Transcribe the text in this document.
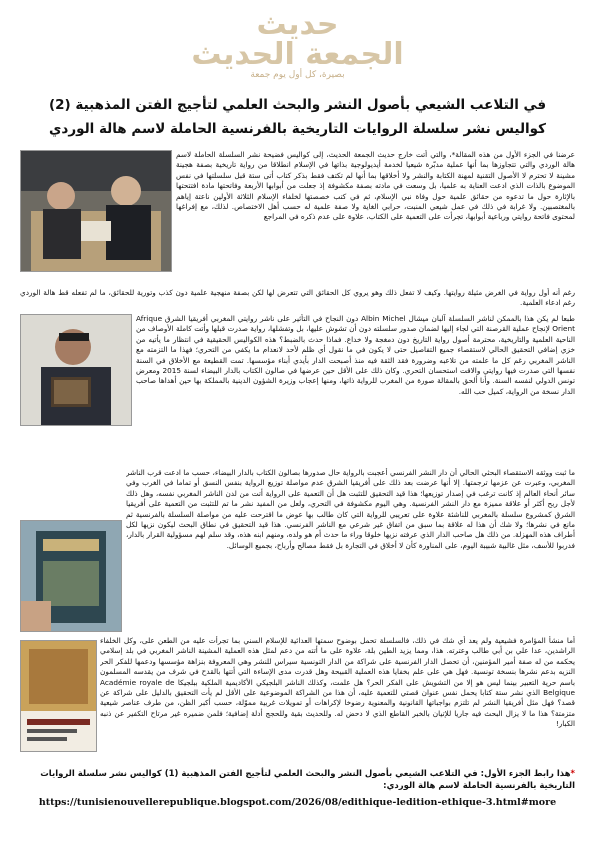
حديث
الجمعة الحديث
بصيرة، كل أول يوم جمعة
في التلاعب الشيعي بأصول النشر والبحث العلمي لتأجيج الفتن المذهبية (2)
كواليس نشر سلسلة الروايات التاريخية بالفرنسية الحاملة لاسم هالة الوردي
عرضنا في الجزء الأول من هذه المقالة*، والتي أتت خارج حديث الجمعة الحديث، إلى كواليس فضيحة نشر السلسلة الحاملة لاسم هالة الوردي والتي تتجاوزها بما أنها عملية مدبّرة شيعيا لخدمة أيديولوجية بذاتها في الإسلام انطلاقا من رواية تاريخية بصفة هجينة مشينة لا تحترم لا الأصول التقنية لمهنة الكتابة والنشر ولا أخلاقها بما أنها لم تكتف فقط بذكر كتاب أتى ستة قبل سلسلتها في نفس الموضوع بالذات الذي ادعت العناية به علميا، بل وسعت في مادته بصفة مكشوفة إذ جعلت من أبوابها الأربعة وفاتحتها مادة افتتحتها بالإثارة حول ما تدعوه من حقائق علمية حول وفاة نبي الإسلام، ثم في كتب خصصتها لخلفاء الإسلام الثلاثة الأولين ناعتة إياهم بالمغتصبين. ولا غرابة في ذلك في عمل شيعي المنبت، حرابي الغاية ولا صفة علمية له حسب أهل الاختصاص. لذلك، مع إفراغها لمحتوى فاتحة روايتي ورباعية أبوابها، تجرأت على التعمية على الكتاب، علاوة على عدم ذكره في المراجع
رغم أنه أول رواية في الغرض مثيلة روايتها. وكيف لا تفعل ذلك وهو يروي كل الحقائق التي تتعرض لها لكن بصفة منهجية علمية دون كذب وتورية للحقائق، ما لم تفعله قط هالة الوردي رغم ادعاء العلمية.
طبعا لم يكن هذا بالممكن لناشر السلسلة آلبان ميشال Albin Michel دون النجاح في التأثير على ناشر روايتي المغربي أفريقيا الشرق Afrique Orient لإنجاح عملية القرصنة التي لجاء إليها لضمان صدور سلسلته دون أن تشوش عليها، بل وتفشلها، رواية صدرت قبلها وأتت كاملة الأوصاف من الناحية العلمية والتاريخية، محترمة أصول رواية التاريخ دون دمغجة ولا خداع. فماذا حدث بالضبط؟ هذه الكواليس الحقيقية في انتظار ما يأتيه من خزي إضافي التحقيق الحالي لاستقصاء جميع التفاصيل حتى لا يكون في ما نقول أي ظلم لأحد لانعدام ما يكفي من التحري؛ فهذا ما التزمته مع الناشر المغربي رغم كل ما علمته من تلاعبه وضرورة فقد الثقة فيه منذ أصبحت الدار بأيدي أبناء مؤسسها. تمت القطيعة مع الأخلاق في السنة نفسها التي صدرت فيها روايتي والاقت استحسان التحري. وكان ذلك على الأقل حين عرضها في صالون الكتاب بالدار البيضاء لسنة 2015 ومعرض تونس الدولي لنفسه السنة. وأنا ألحق بالمقالة صورة من المغرب للرواية ذاتها، ومنها إعجاب وزيرة الشؤون الدينية بالمملكة بها حين أهداها صاحب الدار نسخة من الرواية، كميل حب الله.
ما ثبت ووثقه الاستقصاء البحثي الحالي أن دار النشر الفرنسي أعجبت بالرواية حال صدورها بصالون الكتاب بالدار البيضاء، حسب ما ادعت قرب الناشر المغربي، وعبرت عن عزمها ترجمتها. إلا أنها عرضت بعد ذلك على أفريقيا الشرق عدم مواصلة توزيع الرواية بنفس النسق أو تماما في الغرب وفي سائر أنحاء العالم إذ كانت ترغب في إصدار توزيعها؛ هذا قيد التحقيق للتثبت هل أن التعمية على الرواية أتت من لدن الناشر المغربي نفسه، وهل ذلك لأجل ربح أكثر أو علاقة مميزة مع دار النشر الفرنسية. وهي اليوم مكشوفة في التحري، ولعل من المفيد نشر ما تم للتثبت من التعمية على أفريقيا الشرق كمشروع سلسلة بالمغربي للناشئة علاوة على تعريبي للرواية التي كان طالب بها عوض ما اقترحت عليه من مواصلة السلسلة بالفرنسية ثم مانع في نشرها؛ ولا شك أن هذا له علاقة بما سبق من اتفاق غير شرعي مع الناشر الفرنسي. هذا قيد التحقيق في نطاق البحث ليكون نزيها لكل أطراف هذه المهزلة. من ذلك هل صاحب الدار الذي عرفته نزيها خلوقا وراء ما حدث أم هو ولده، ومنهم ابنه هذه، وقد سلم لهم مسؤولية القرار بالدار، فدربوا للأسف، مثل غالبية شبيبة اليوم، على المناورة كأن لا أخلاق في التجارة بل فقط مصالح وأرباح، بجميع الوسائل.
أما منشأ المؤامرة فشيعية ولم يعد أي شك في ذلك، فالسلسلة تحمل بوضوح سمتها العدائية للإسلام السني بما تجرأت عليه من الطعن على، وكل الخلفاء الراشدين، عدا علي بن أبي طالب وعترته. هذا، ومما يزيد الطين بلة، علاوة على ما أتته من دعم لمثل هذه العملية المشينة الناشر المغربي في بلد إسلامي يحكمه من له صفة أمير المؤمنين، أن تحصل الدار الفرنسية على شراكة من الدار التونسية سيراس للنشر وهي المعروفة بنزاهة مؤسسها ودعمها للفكر الحر النزيه بدعم نشرها بنسخة تونسية. فهل هي على علم بخفايا هذه العملية القبيحة وهل قدرت مدى الإساءة التي أتتها بالقدح في شرف من يقدسه المسلمون باسم حرية التعبير بينما ليس هو إلا من التشويش على الفكر الحر؟ هل علمت، وكذلك الناشر البلجيكي الأكاديمية الملكية ببلجيكا Académie royale de Belgique الذي نشر ستة كتابا يحمل نفس عنوان قصتي للتعمية عليه، أن هذا من الشراكة الموضوعية على الأقل لم يأت التحقيق بالدليل على شراكة عن قصد؟ فهل مثل أفريقيا النشر لم تلتزم بواجباتها القانونية والمعنوية رضوخا لإكراهات أو تمويلات غربية مموّلة، حسب أكبر الظن، من طرف عناصر شيعية متزمتة؟ هذا ما لا يزال البحث فيه جاريا للإتيان بالخبر القاطع الذي لا دحض له. وللحديث بقية وللحجج أدلة إضافية؛ فلمن ضميره غير مرتاح التكفير عن ذنبه الكبار!
*هذا رابط الجزء الأول: في التلاعب الشيعي بأصول النشر والبحث العلمي لتأجيج الفتن المذهبية (1) كواليس نشر سلسلة الروايات التاريخية بالفرنسية الحاملة لاسم هالة الوردي:
https://tunisienouvellerepublique.blogspot.com/2026/08/edithique-ledition-ethique-3.html#more
